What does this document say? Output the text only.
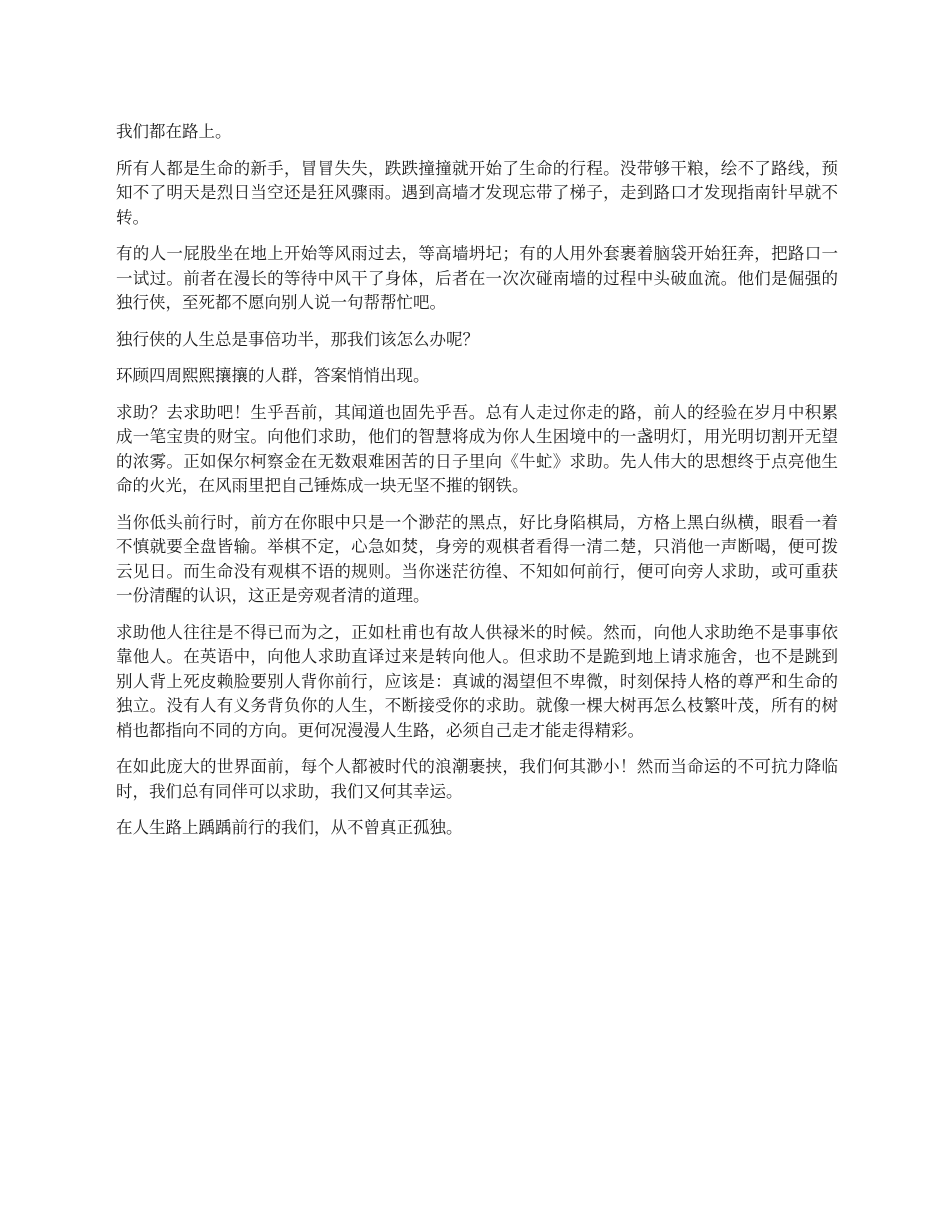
我们都在路上。

所有人都是生命的新手，冒冒失失，跌跌撞撞就开始了生命的行程。没带够干粮，绘不了路线，预知不了明天是烈日当空还是狂风骤雨。遇到高墙才发现忘带了梯子，走到路口才发现指南针早就不转。

有的人一屁股坐在地上开始等风雨过去，等高墙坍圮；有的人用外套裹着脑袋开始狂奔，把路口一一试过。前者在漫长的等待中风干了身体，后者在一次次碰南墙的过程中头破血流。他们是倔强的独行侠，至死都不愿向别人说一句帮帮忙吧。

独行侠的人生总是事倍功半，那我们该怎么办呢？

环顾四周熙熙攘攘的人群，答案悄悄出现。

求助？去求助吧！生乎吾前，其闻道也固先乎吾。总有人走过你走的路，前人的经验在岁月中积累成一笔宝贵的财宝。向他们求助，他们的智慧将成为你人生困境中的一盏明灯，用光明切割开无望的浓雾。正如保尔柯察金在无数艰难困苦的日子里向《牛虻》求助。先人伟大的思想终于点亮他生命的火光，在风雨里把自己锤炼成一块无坚不摧的钢铁。

当你低头前行时，前方在你眼中只是一个渺茫的黑点，好比身陷棋局，方格上黑白纵横，眼看一着不慎就要全盘皆输。举棋不定，心急如焚，身旁的观棋者看得一清二楚，只消他一声断喝，便可拨云见日。而生命没有观棋不语的规则。当你迷茫彷徨、不知如何前行，便可向旁人求助，或可重获一份清醒的认识，这正是旁观者清的道理。

求助他人往往是不得已而为之，正如杜甫也有故人供禄米的时候。然而，向他人求助绝不是事事依靠他人。在英语中，向他人求助直译过来是转向他人。但求助不是跪到地上请求施舍，也不是跳到别人背上死皮赖脸要别人背你前行，应该是：真诚的渴望但不卑微，时刻保持人格的尊严和生命的独立。没有人有义务背负你的人生，不断接受你的求助。就像一棵大树再怎么枝繁叶茂，所有的树梢也都指向不同的方向。更何况漫漫人生路，必须自己走才能走得精彩。

在如此庞大的世界面前，每个人都被时代的浪潮裹挟，我们何其渺小！然而当命运的不可抗力降临时，我们总有同伴可以求助，我们又何其幸运。

在人生路上踽踽前行的我们，从不曾真正孤独。
